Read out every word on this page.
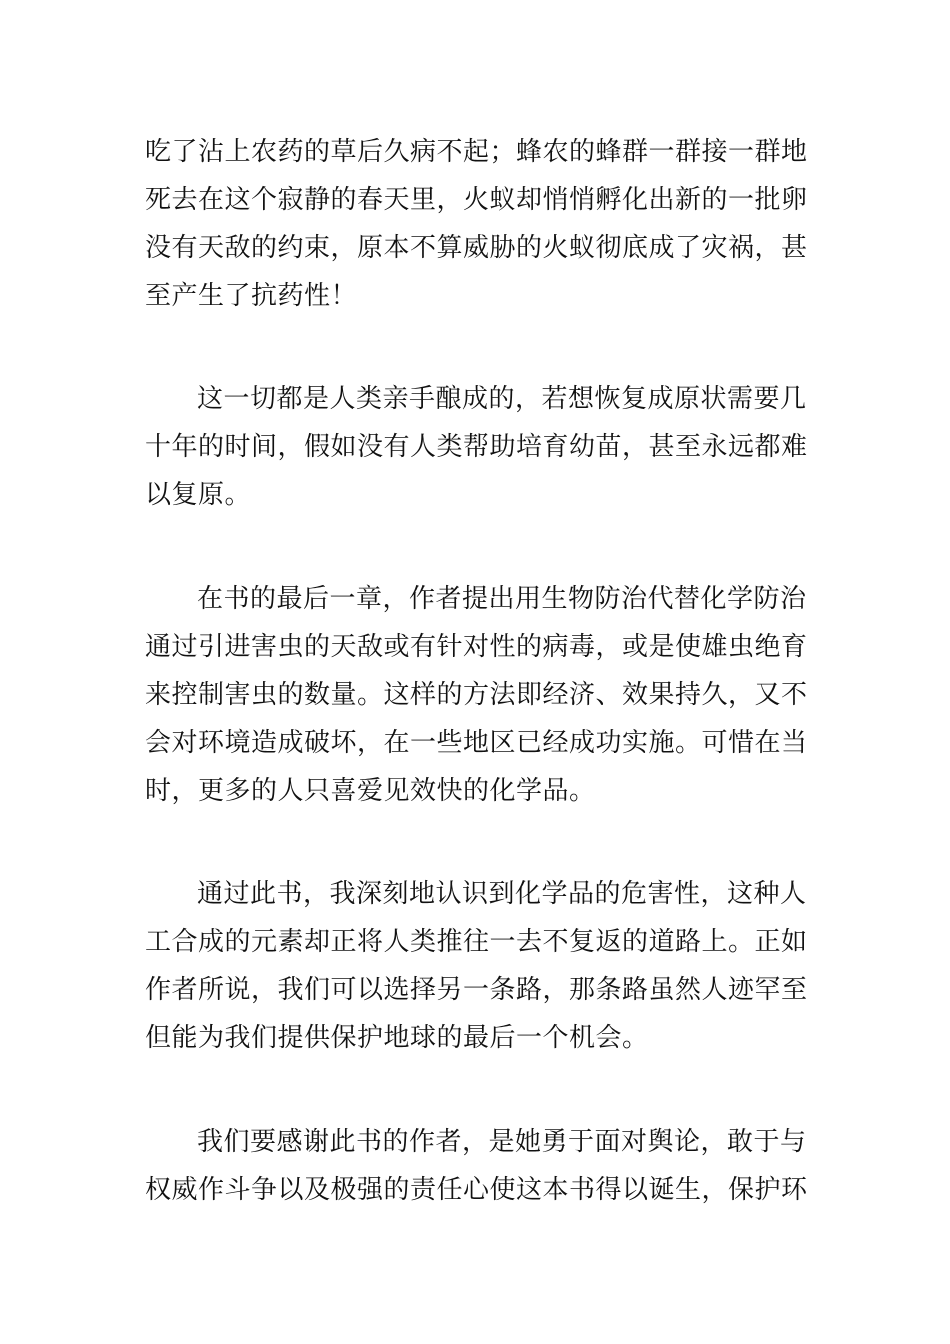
吃了沾上农药的草后久病不起；蜂农的蜂群一群接一群地
死去在这个寂静的春天里，火蚁却悄悄孵化出新的一批卵
没有天敌的约束，原本不算威胁的火蚁彻底成了灾祸，甚
至产生了抗药性！
这一切都是人类亲手酿成的，若想恢复成原状需要几
十年的时间，假如没有人类帮助培育幼苗，甚至永远都难
以复原。
在书的最后一章，作者提出用生物防治代替化学防治
通过引进害虫的天敌或有针对性的病毒，或是使雄虫绝育
来控制害虫的数量。这样的方法即经济、效果持久，又不
会对环境造成破坏，在一些地区已经成功实施。可惜在当
时，更多的人只喜爱见效快的化学品。
通过此书，我深刻地认识到化学品的危害性，这种人
工合成的元素却正将人类推往一去不复返的道路上。正如
作者所说，我们可以选择另一条路，那条路虽然人迹罕至
但能为我们提供保护地球的最后一个机会。
我们要感谢此书的作者，是她勇于面对舆论，敢于与
权威作斗争以及极强的责任心使这本书得以诞生，保护环
